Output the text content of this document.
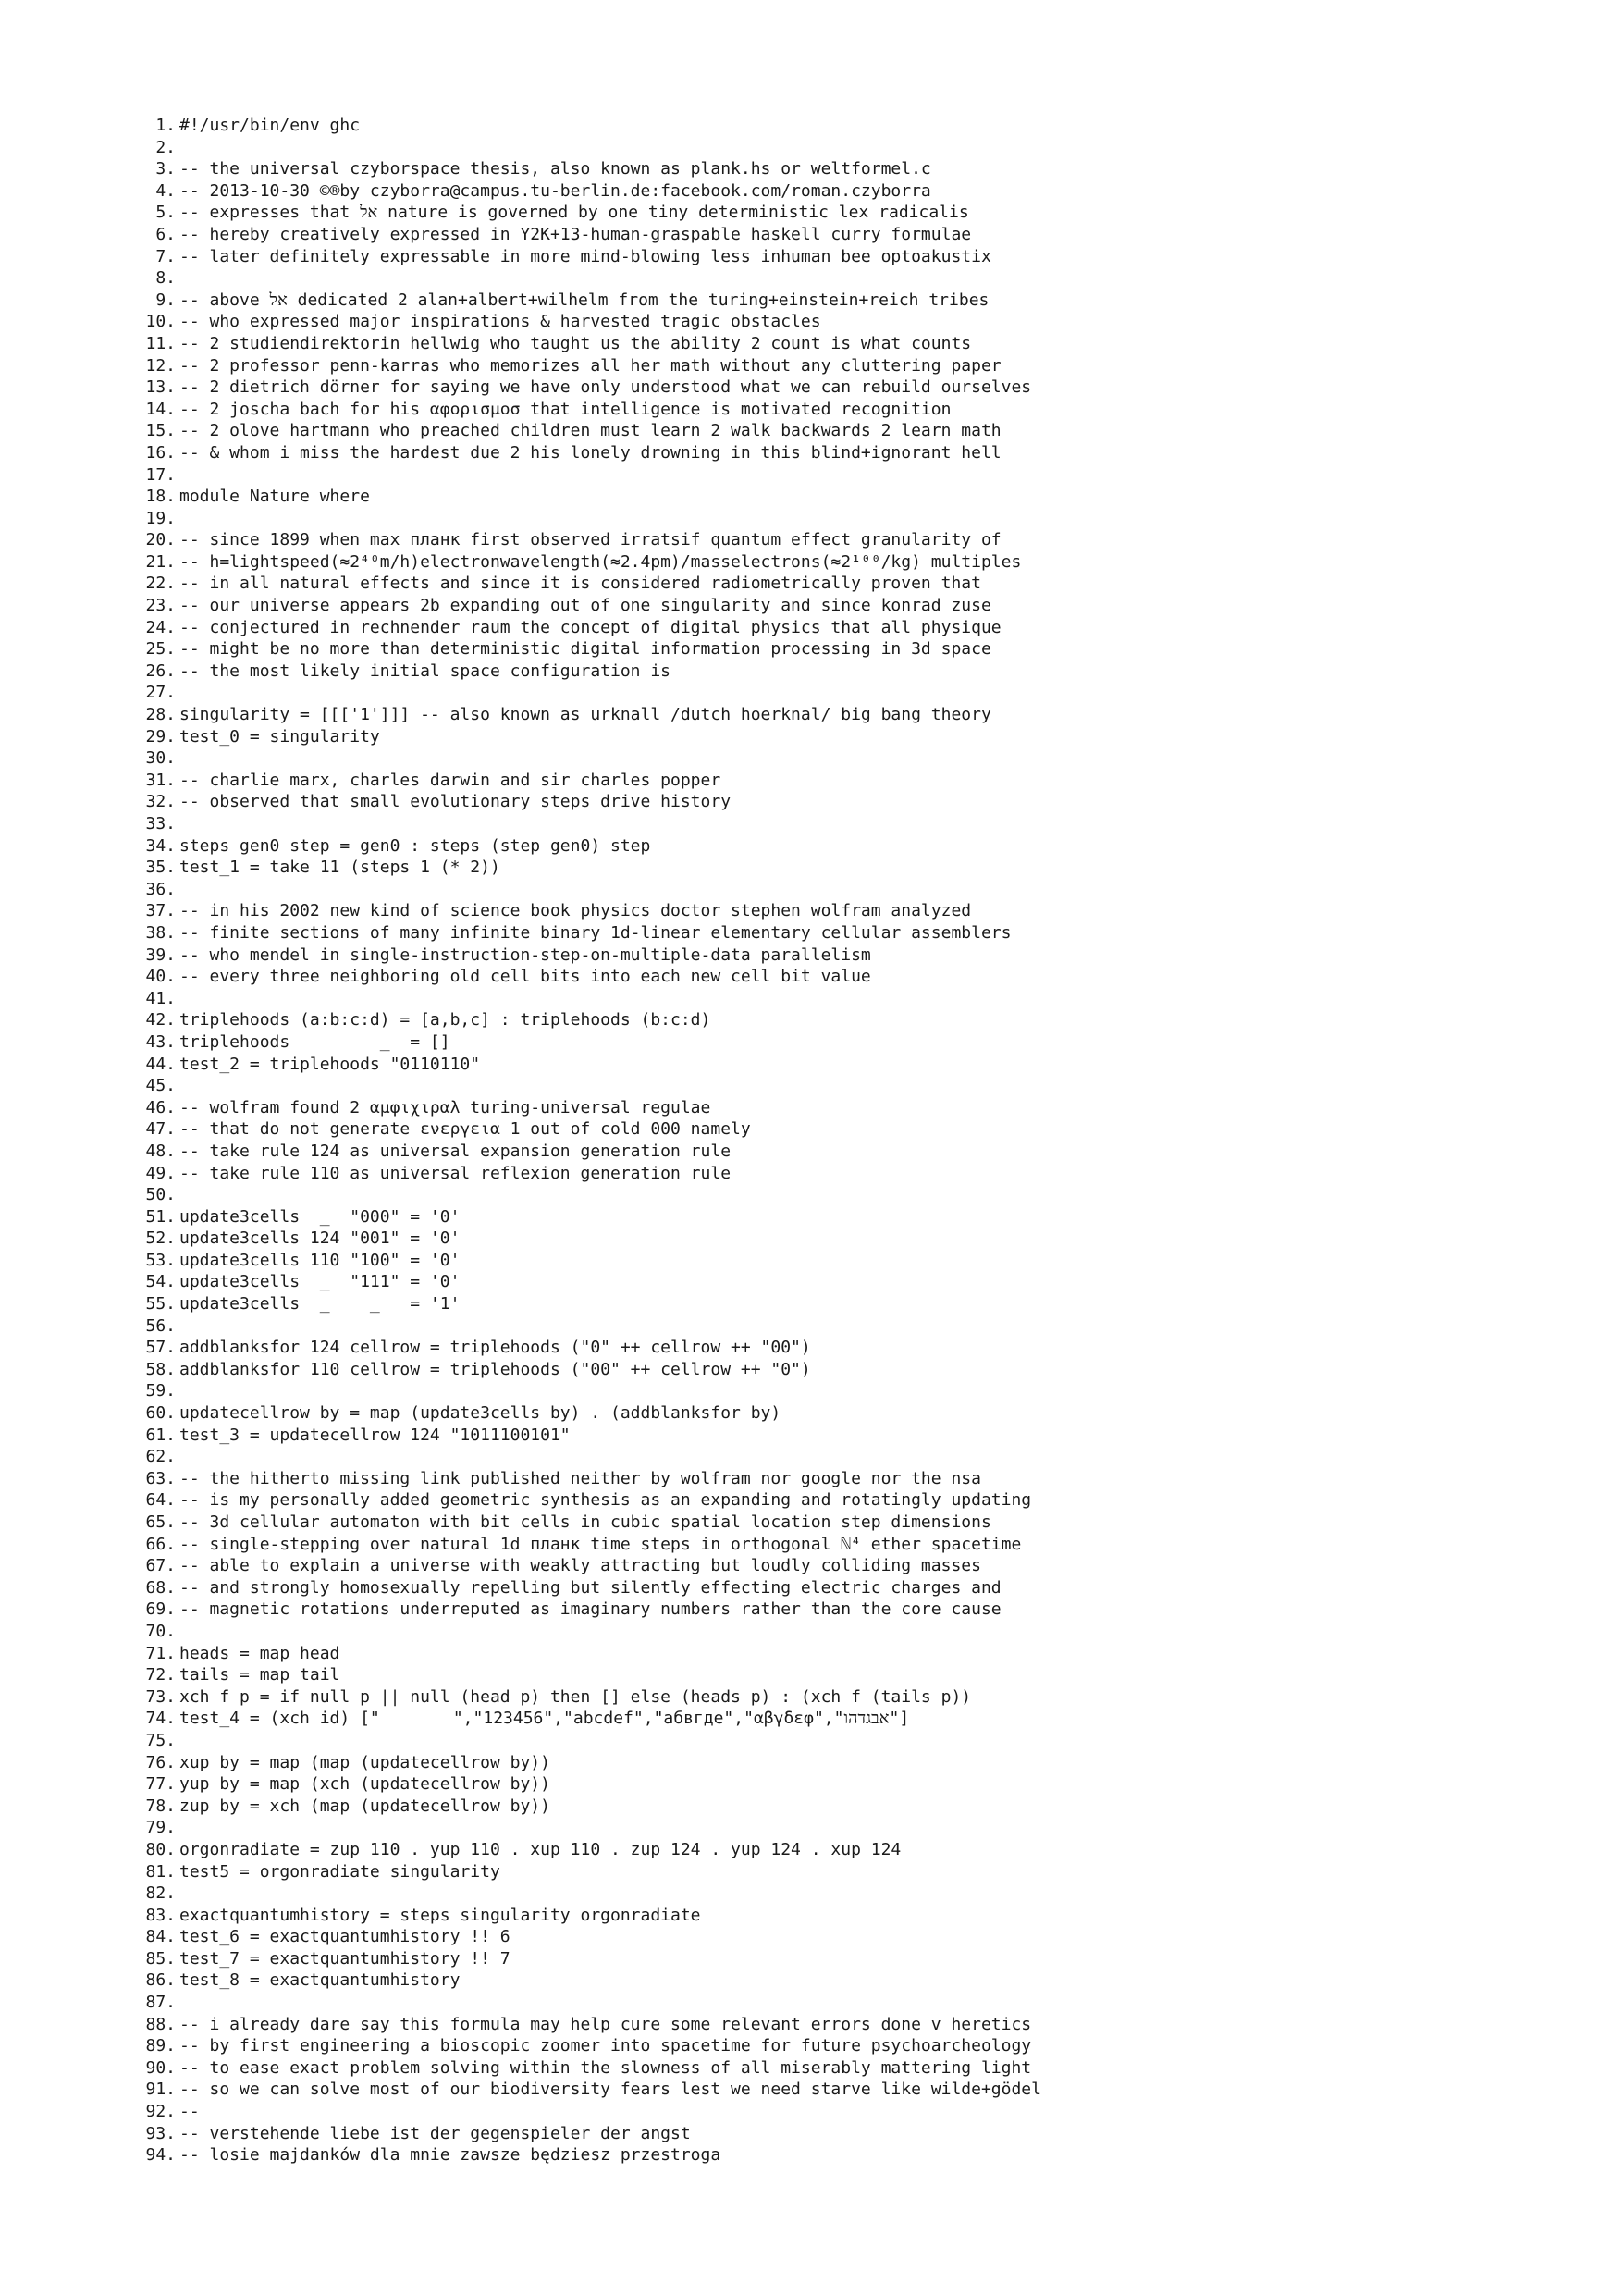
1. #!/usr/bin/env ghc
2.
3. -- the universal czyborspace thesis, also known as plank.hs or weltformel.c
4. -- 2013-10-30 ©®by czyborra@campus.tu-berlin.de:facebook.com/roman.czyborra
5. -- expresses that אל nature is governed by one tiny deterministic lex radicalis
6. -- hereby creatively expressed in Y2K+13-human-graspable haskell curry formulae
7. -- later definitely expressable in more mind-blowing less inhuman bee optoakustix
8.
9. -- above אל dedicated 2 alan+albert+wilhelm from the turing+einstein+reich tribes
10. -- who expressed major inspirations & harvested tragic obstacles
11. -- 2 studiendirektorin hellwig who taught us the ability 2 count is what counts
12. -- 2 professor penn-karras who memorizes all her math without any cluttering paper
13. -- 2 dietrich dörner for saying we have only understood what we can rebuild ourselves
14. -- 2 joscha bach for his αφορισμοσ that intelligence is motivated recognition
15. -- 2 olove hartmann who preached children must learn 2 walk backwards 2 learn math
16. -- & whom i miss the hardest due 2 his lonely drowning in this blind+ignorant hell
17.
18. module Nature where
19.
20. -- since 1899 when max планк first observed irratsif quantum effect granularity of
21. -- h=lightspeed(≈2⁴⁰m/h)electronwavelength(≈2.4pm)/masselectrons(≈2¹⁰⁰/kg) multiples
22. -- in all natural effects and since it is considered radiometrically proven that
23. -- our universe appears 2b expanding out of one singularity and since konrad zuse
24. -- conjectured in rechnender raum the concept of digital physics that all physique
25. -- might be no more than deterministic digital information processing in 3d space
26. -- the most likely initial space configuration is
27.
28. singularity = [[['1']]] -- also known as urknall /dutch hoerknal/ big bang theory
29. test_0 = singularity
30.
31. -- charlie marx, charles darwin and sir charles popper
32. -- observed that small evolutionary steps drive history
33.
34. steps gen0 step = gen0 : steps (step gen0) step
35. test_1 = take 11 (steps 1 (* 2))
36.
37. -- in his 2002 new kind of science book physics doctor stephen wolfram analyzed
38. -- finite sections of many infinite binary 1d-linear elementary cellular assemblers
39. -- who mendel in single-instruction-step-on-multiple-data parallelism
40. -- every three neighboring old cell bits into each new cell bit value
41.
42. triplehoods (a:b:c:d) = [a,b,c] : triplehoods (b:c:d)
43. triplehoods         _  = []
44. test_2 = triplehoods "0110110"
45.
46. -- wolfram found 2 αμφιχιραλ turing-universal regulae
47. -- that do not generate ενεργεια 1 out of cold 000 namely
48. -- take rule 124 as universal expansion generation rule
49. -- take rule 110 as universal reflexion generation rule
50.
51. update3cells  _  "000" = '0'
52. update3cells 124 "001" = '0'
53. update3cells 110 "100" = '0'
54. update3cells  _  "111" = '0'
55. update3cells  _    _   = '1'
56.
57. addblanksfor 124 cellrow = triplehoods ("0" ++ cellrow ++ "00")
58. addblanksfor 110 cellrow = triplehoods ("00" ++ cellrow ++ "0")
59.
60. updatecellrow by = map (update3cells by) . (addblanksfor by)
61. test_3 = updatecellrow 124 "1011100101"
62.
63. -- the hitherto missing link published neither by wolfram nor google nor the nsa
64. -- is my personally added geometric synthesis as an expanding and rotatingly updating
65. -- 3d cellular automaton with bit cells in cubic spatial location step dimensions
66. -- single-stepping over natural 1d планк time steps in orthogonal ℕ⁴ ether spacetime
67. -- able to explain a universe with weakly attracting but loudly colliding masses
68. -- and strongly homosexually repelling but silently effecting electric charges and
69. -- magnetic rotations underreputed as imaginary numbers rather than the core cause
70.
71. heads = map head
72. tails = map tail
73. xch f p = if null p || null (head p) then [] else (heads p) : (xch f (tails p))
74. test_4 = (xch id) ["⠀⠀⠀⠀⠀⠀","123456","abcdef","абвгде","αβγδεφ","אבגדהו"]
75.
76. xup by = map (map (updatecellrow by))
77. yup by = map (xch (updatecellrow by))
78. zup by = xch (map (updatecellrow by))
79.
80. orgonradiate = zup 110 . yup 110 . xup 110 . zup 124 . yup 124 . xup 124
81. test5 = orgonradiate singularity
82.
83. exactquantumhistory = steps singularity orgonradiate
84. test_6 = exactquantumhistory !! 6
85. test_7 = exactquantumhistory !! 7
86. test_8 = exactquantumhistory
87.
88. -- i already dare say this formula may help cure some relevant errors done v heretics
89. -- by first engineering a bioscopic zoomer into spacetime for future psychoarcheology
90. -- to ease exact problem solving within the slowness of all miserably mattering light
91. -- so we can solve most of our biodiversity fears lest we need starve like wilde+gödel
92. --
93. -- verstehende liebe ist der gegenspieler der angst
94. -- losie majdanków dla mnie zawsze będziesz przestroga
